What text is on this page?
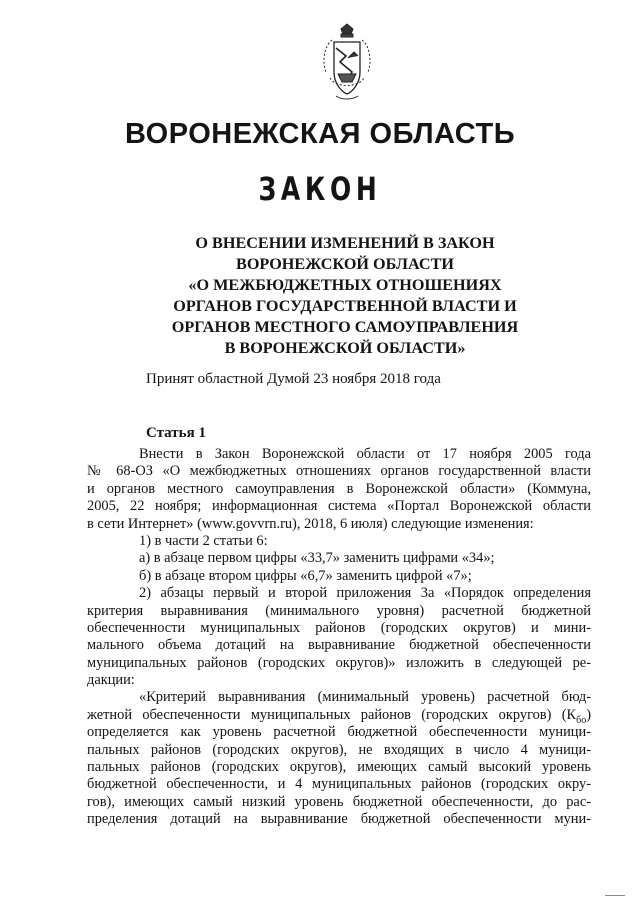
ВОРОНЕЖСКАЯ ОБЛАСТЬ
ЗАКОН
О ВНЕСЕНИИ ИЗМЕНЕНИЙ В ЗАКОН
ВОРОНЕЖСКОЙ ОБЛАСТИ
«О МЕЖБЮДЖЕТНЫХ ОТНОШЕНИЯХ
ОРГАНОВ ГОСУДАРСТВЕННОЙ ВЛАСТИ И
ОРГАНОВ МЕСТНОГО САМОУПРАВЛЕНИЯ
В ВОРОНЕЖСКОЙ ОБЛАСТИ»

Принят областной Думой 23 ноября 2018 года

Статья 1

Внести в Закон Воронежской области от 17 ноября 2005 года
№ 68-ОЗ «О межбюджетных отношениях органов государственной власти
и органов местного самоуправления в Воронежской области» (Коммуна,
2005, 22 ноября; информационная система «Портал Воронежской области
в сети Интернет» (www.govvrn.ru), 2018, 6 июля) следующие изменения:
1) в части 2 статьи 6:
а) в абзаце первом цифры «33,7» заменить цифрами «34»;
б) в абзаце втором цифры «6,7» заменить цифрой «7»;
2) абзацы первый и второй приложения 3а «Порядок определения
критерия выравнивания (минимального уровня) расчетной бюджетной
обеспеченности муниципальных районов (городских округов) и мини-
мального объема дотаций на выравнивание бюджетной обеспеченности
муниципальных районов (городских округов)» изложить в следующей ре-
дакции:
«Критерий выравнивания (минимальный уровень) расчетной бюд-
жетной обеспеченности муниципальных районов (городских округов) $(К_{бо})$
определяется как уровень расчетной бюджетной обеспеченности муници-
пальных районов (городских округов), не входящих в число 4 муници-
пальных районов (городских округов), имеющих самый высокий уровень
бюджетной обеспеченности, и 4 муниципальных районов (городских окру-
гов), имеющих самый низкий уровень бюджетной обеспеченности, до рас-
пределения дотаций на выравнивание бюджетной обеспеченности муни-
